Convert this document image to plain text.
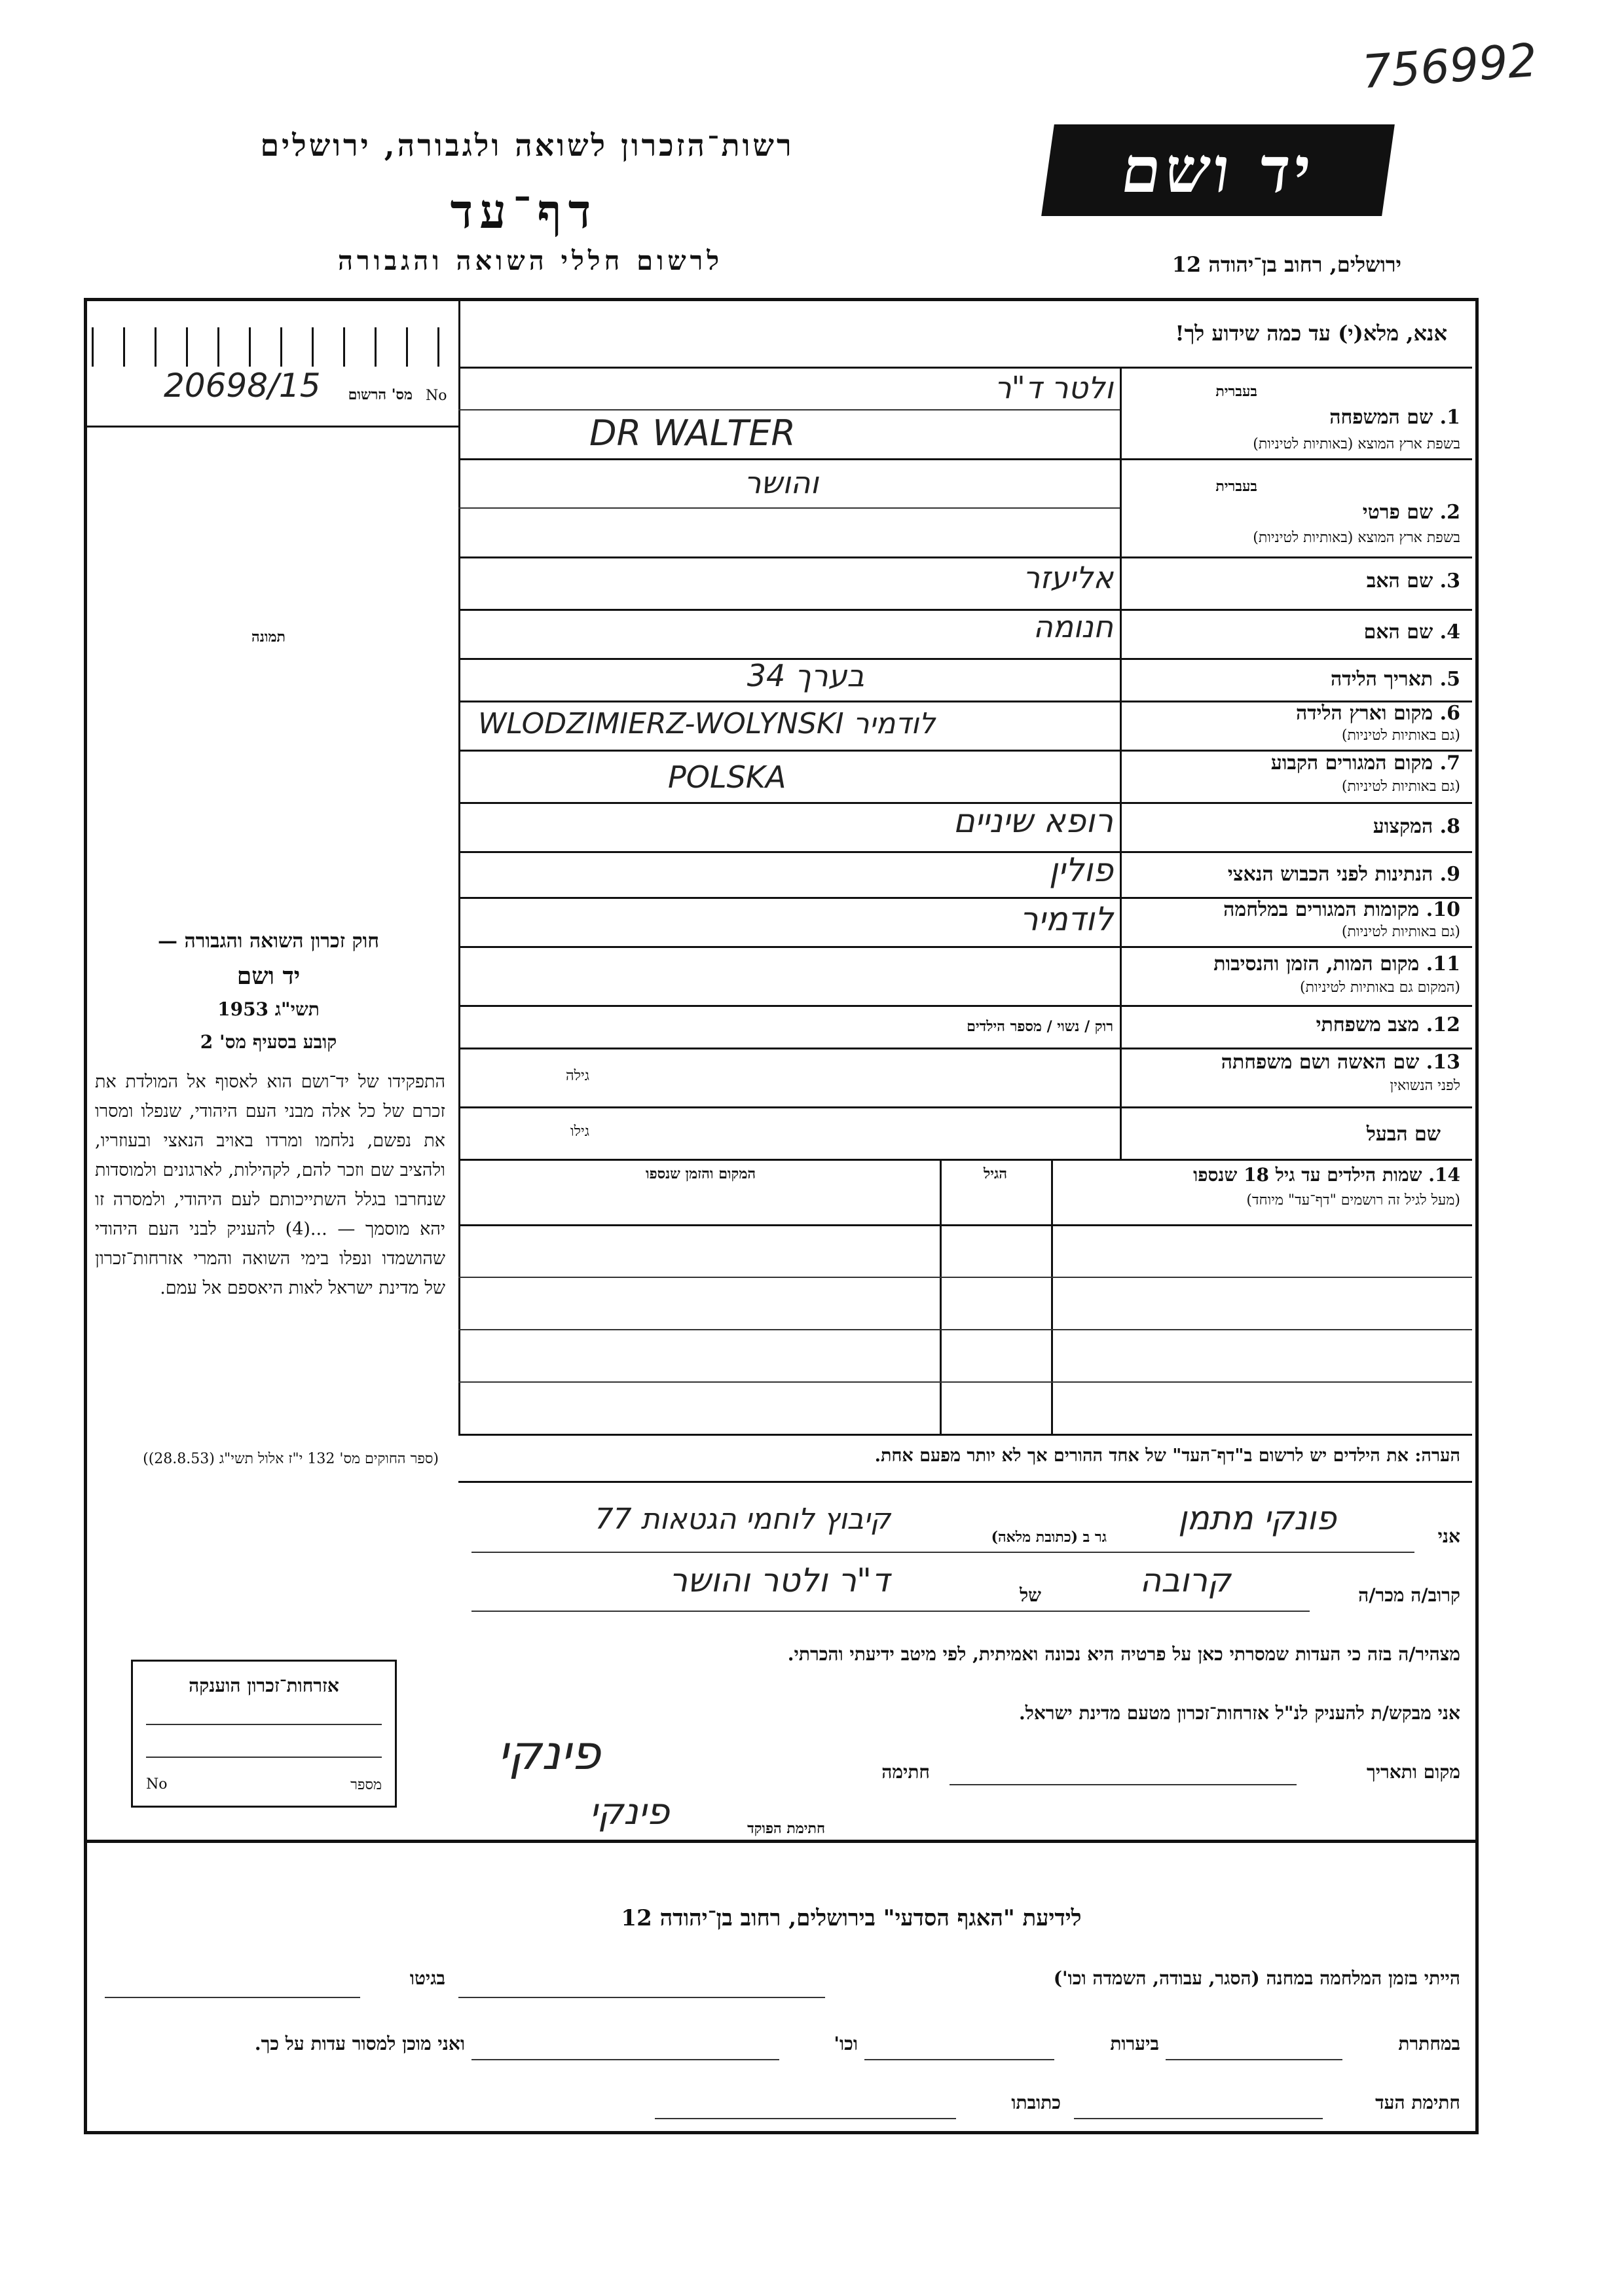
756992
רשות־הזכרון לשואה ולגבורה, ירושלים
דף־עד
לרשום חללי השואה והגבורה
יד ושם
ירושלים, רחוב בן־יהודה 12
אנא, מלא(י) עד כמה שידוע לך!
מס' הרשום No
20698/15
תמונה
בעברית
1. שם המשפחה
בשפת ארץ המוצא (באותיות לטיניות)
ולטר ד"ר
DR WALTER
בעברית
2. שם פרטי
בשפת ארץ המוצא (באותיות לטיניות)
והושר
3. שם האב
אליעזר
4. שם האם
חנומה
5. תאריך הלידה
בערך 34
6. מקום וארץ הלידה
(גם באותיות לטיניות)
WLODZIMIERZ-WOLYNSKI לודמיר
7. מקום המגורים הקבוע
(גם באותיות לטיניות)
POLSKA
8. המקצוע
רופא שיניים
9. הנתינות לפני הכבוש הנאצי
פולין
10. מקומות המגורים במלחמה
(גם באותיות לטיניות)
לודמיר
11. מקום המות, הזמן והנסיבות
(המקום גם באותיות לטיניות)
12. מצב משפחתי
רוק / נשוי / מספר הילדים
13. שם האשה ושם משפחתה
לפני הנשואין
גילה
שם הבעל
גילו
14. שמות הילדים עד גיל 18 שנספו
(מעל לגיל זה רושמים "דף־עד" מיוחד)
הגיל
המקום והזמן שנספו
חוק זכרון השואה והגבורה —
יד ושם
תשי"ג 1953
קובע בסעיף מס' 2
התפקידו של יד־ושם הוא לאסוף אל המולדת את זכרם של כל אלה מבני העם היהודי, שנפלו ומסרו את נפשם, נלחמו ומרדו באויב הנאצי ובעוזריו, ולהציב שם וזכר להם, לקהילות, לארגונים ולמוסדות שנחרבו בגלל השתייכותם לעם היהודי, ולמסרה זו יהא מוסמך — ...(4) להעניק לבני העם היהודי שהושמדו ונפלו בימי השואה והמרי אזרחות־זכרון של מדינת ישראל לאות היאספם אל עמם.
(ספר החוקים מס' 132 י"ז אלול תשי"ג (28.8.53))	הערה: את הילדים יש לרשום ב"דף־העד" של אחד ההורים אך לא יותר מפעם אחת.
אני
פונקי מתמן
גר ב (כתובת מלאה)
קיבוץ לוחמי הגטאות 77
קרוב/ה מכר/ה
קרובה
של
ד"ר ולטר והושר
מצהיר/ה בזה כי העדות שמסרתי כאן על פרטיה היא נכונה ואמיתית, לפי מיטב ידיעתי והכרתי.
אני מבקש/ת להעניק לנ"ל אזרחות־זכרון מטעם מדינת ישראל.
מקום ותאריך
חתימה
פינקי
חתימת הפוקד
פינקי
אזרחות־זכרון הוענקה
מספר
No
לידיעת "האגף הסדעי" בירושלים, רחוב בן־יהודה 12
הייתי בזמן המלחמה במחנה (הסגר, עבודה, השמדה וכו')
בגיטו
במחתרת
ביערות
וכו'
ואני מוכן למסור עדות על כך.
חתימת העד
כתובתו
